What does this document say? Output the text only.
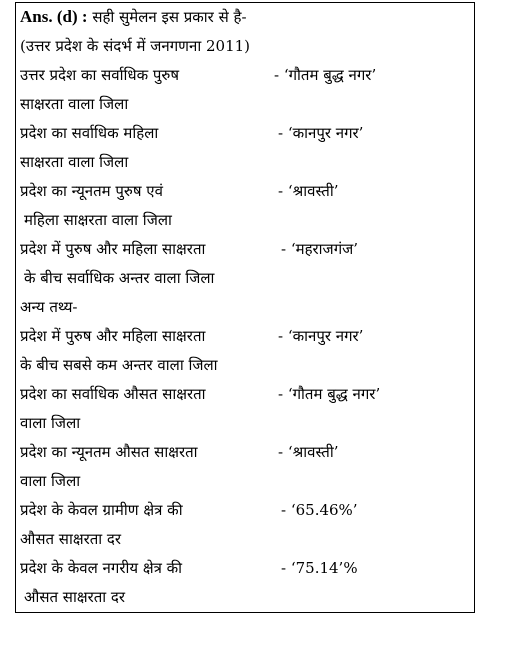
Ans. (d) : सही सुमेलन इस प्रकार से है-
(उत्तर प्रदेश के संदर्भ में जनगणना 2011)
उत्तर प्रदेश का सर्वाधिक पुरुष	- ‘गौतम बुद्ध नगर’
साक्षरता वाला जिला
प्रदेश का सर्वाधिक महिला	- ‘कानपुर नगर’
साक्षरता वाला जिला
प्रदेश का न्यूनतम पुरुष एवं	- ‘श्रावस्ती’
महिला साक्षरता वाला जिला
प्रदेश में पुरुष और महिला साक्षरता	- ‘महराजगंज’
के बीच सर्वाधिक अन्तर वाला जिला
अन्य तथ्य-
प्रदेश में पुरुष और महिला साक्षरता	- ‘कानपुर नगर’
के बीच सबसे कम अन्तर वाला जिला
प्रदेश का सर्वाधिक औसत साक्षरता	- ‘गौतम बुद्ध नगर’
वाला जिला
प्रदेश का न्यूनतम औसत साक्षरता	- ‘श्रावस्ती’
वाला जिला
प्रदेश के केवल ग्रामीण क्षेत्र की	- ‘65.46%’
औसत साक्षरता दर
प्रदेश के केवल नगरीय क्षेत्र की	- ‘75.14’%
औसत साक्षरता दर
